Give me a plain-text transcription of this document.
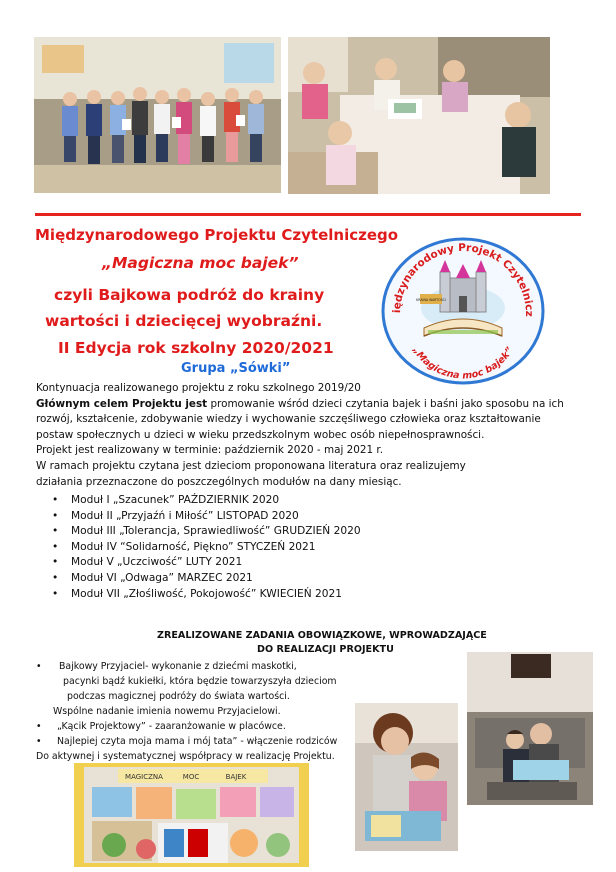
Międzynarodowego Projektu Czytelniczego
„Magiczna moc bajek”
czyli Bajkowa podróż do krainy
wartości i dziecięcej wyobraźni.
II Edycja rok szkolny 2020/2021
Grupa „Sówki”
iędzynarodowy Projekt Czytelnicz
„Magiczna moc bajek”
KRAINA WARTOŚCI

Kontynuacja realizowanego projektu z roku szkolnego 2019/20

Głównym celem Projektu jest promowanie wśród dzieci czytania bajek i baśni jako sposobu na ich

rozwój, kształcenie, zdobywanie wiedzy i wychowanie szczęśliwego człowieka oraz kształtowanie

postaw społecznych u dzieci w wieku przedszkolnym wobec osób niepełnosprawności.

Projekt jest realizowany w terminie: październik 2020 - maj 2021 r.

W ramach projektu czytana jest dzieciom proponowana literatura oraz realizujemy

działania przeznaczone do poszczególnych modułów na dany miesiąc.

• Moduł I „Szacunek” PAŹDZIERNIK 2020
• Moduł II „Przyjaźń i Miłość” LISTOPAD 2020
• Moduł III „Tolerancja, Sprawiedliwość” GRUDZIEŃ 2020
• Moduł IV “Solidarność, Piękno” STYCZEŃ 2021
• Moduł V „Uczciwość” LUTY 2021
• Moduł VI „Odwaga” MARZEC 2021
• Moduł VII „Złośliwość, Pokojowość” KWIECIEŃ 2021
ZREALIZOWANE ZADANIA OBOWIĄZKOWE, WPROWADZAJĄCE
DO REALIZACJI PROJEKTU

• Bajkowy Przyjaciel- wykonanie z dziećmi maskotki,

pacynki bądź kukiełki, która będzie towarzyszyła dzieciom

podczas magicznej podróży do świata wartości.

Wspólne nadanie imienia nowemu Przyjacielowi.

• „Kącik Projektowy” - zaaranżowanie w placówce.

• Najlepiej czyta moja mama i mój tata” - włączenie rodziców

Do aktywnej i systematycznej współpracy w realizację Projektu.

MAGICZNA	MOC	BAJEK
